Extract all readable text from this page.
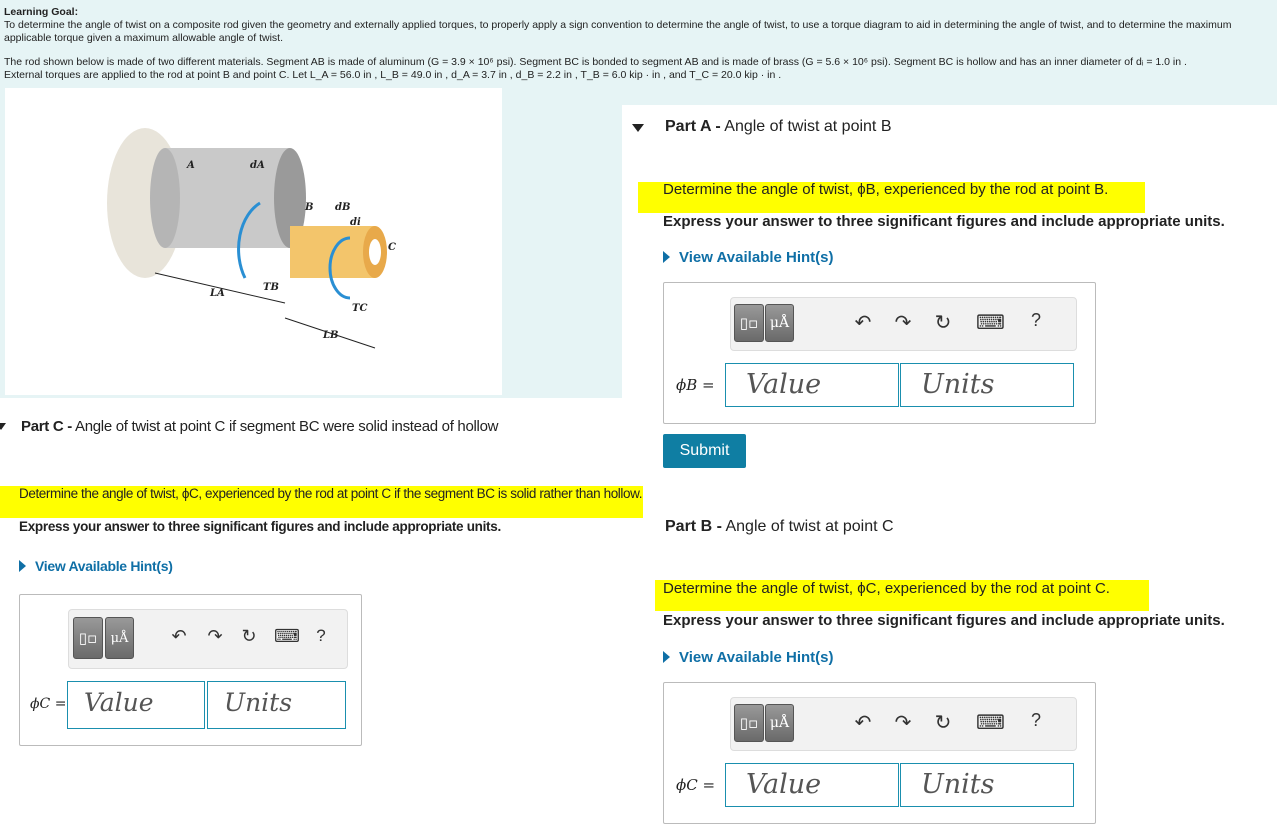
Learning Goal:
To determine the angle of twist on a composite rod given the geometry and externally applied torques, to properly apply a sign convention to determine the angle of twist, to use a torque diagram to aid in determining the angle of twist, and to determine the maximum applicable torque given a maximum allowable angle of twist.
The rod shown below is made of two different materials. Segment AB is made of aluminum (G = 3.9 × 10⁶ psi). Segment BC is bonded to segment AB and is made of brass (G = 5.6 × 10⁶ psi). Segment BC is hollow and has an inner diameter of dᵢ = 1.0 in .
External torques are applied to the rod at point B and point C. Let L_A = 56.0 in , L_B = 49.0 in , d_A = 3.7 in , d_B = 2.2 in , T_B = 6.0 kip · in , and T_C = 20.0 kip · in .
A	dA
B dB
di
C
TB
TC
LA
LB
Part A - Angle of twist at point B
Determine the angle of twist, ϕB, experienced by the rod at point B.
Express your answer to three significant figures and include appropriate units.
View Available Hint(s)
▯▫ μÅ	↶ ↷ ↻ ⌨	?
ϕB =	Value	Units
Submit
Part B - Angle of twist at point C
Determine the angle of twist, ϕC, experienced by the rod at point C.
Express your answer to three significant figures and include appropriate units.
View Available Hint(s)
▯▫ μÅ	↶ ↷ ↻ ⌨	?
ϕC =	Value	Units
Part C - Angle of twist at point C if segment BC were solid instead of hollow
Determine the angle of twist, ϕC, experienced by the rod at point C if the segment BC is solid rather than hollow.
Express your answer to three significant figures and include appropriate units.
View Available Hint(s)
▯▫ μÅ ↶ ↷ ↻ ⌨ ?
ϕC = Value	Units
